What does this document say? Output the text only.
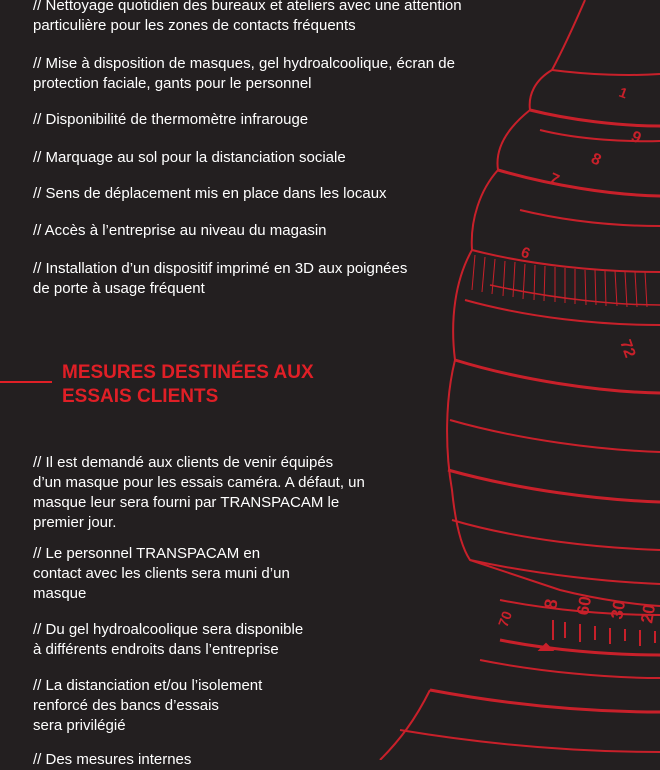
1
9
8
7
6
72
8 60 30 20
70

// Nettoyage quotidien des bureaux et ateliers avec une attention
particulière pour les zones de contacts fréquents

// Mise à disposition de masques, gel hydroalcoolique, écran de
protection faciale, gants pour le personnel

// Disponibilité de thermomètre infrarouge

// Marquage au sol pour la distanciation sociale

// Sens de déplacement mis en place dans les locaux

// Accès à l’entreprise au niveau du magasin

// Installation d’un dispositif imprimé en 3D aux poignées
de porte à usage fréquent

MESURES DESTINÉES AUX
ESSAIS CLIENTS

// Il est demandé aux clients de venir équipés
d’un masque pour les essais caméra. A défaut, un
masque leur sera fourni par TRANSPACAM le
premier jour.

// Le personnel TRANSPACAM en
contact avec les clients sera muni d’un
masque

// Du gel hydroalcoolique sera disponible
à différents endroits dans l’entreprise

// La distanciation et/ou l’isolement
renforcé des bancs d’essais
sera privilégié

// Des mesures internes
